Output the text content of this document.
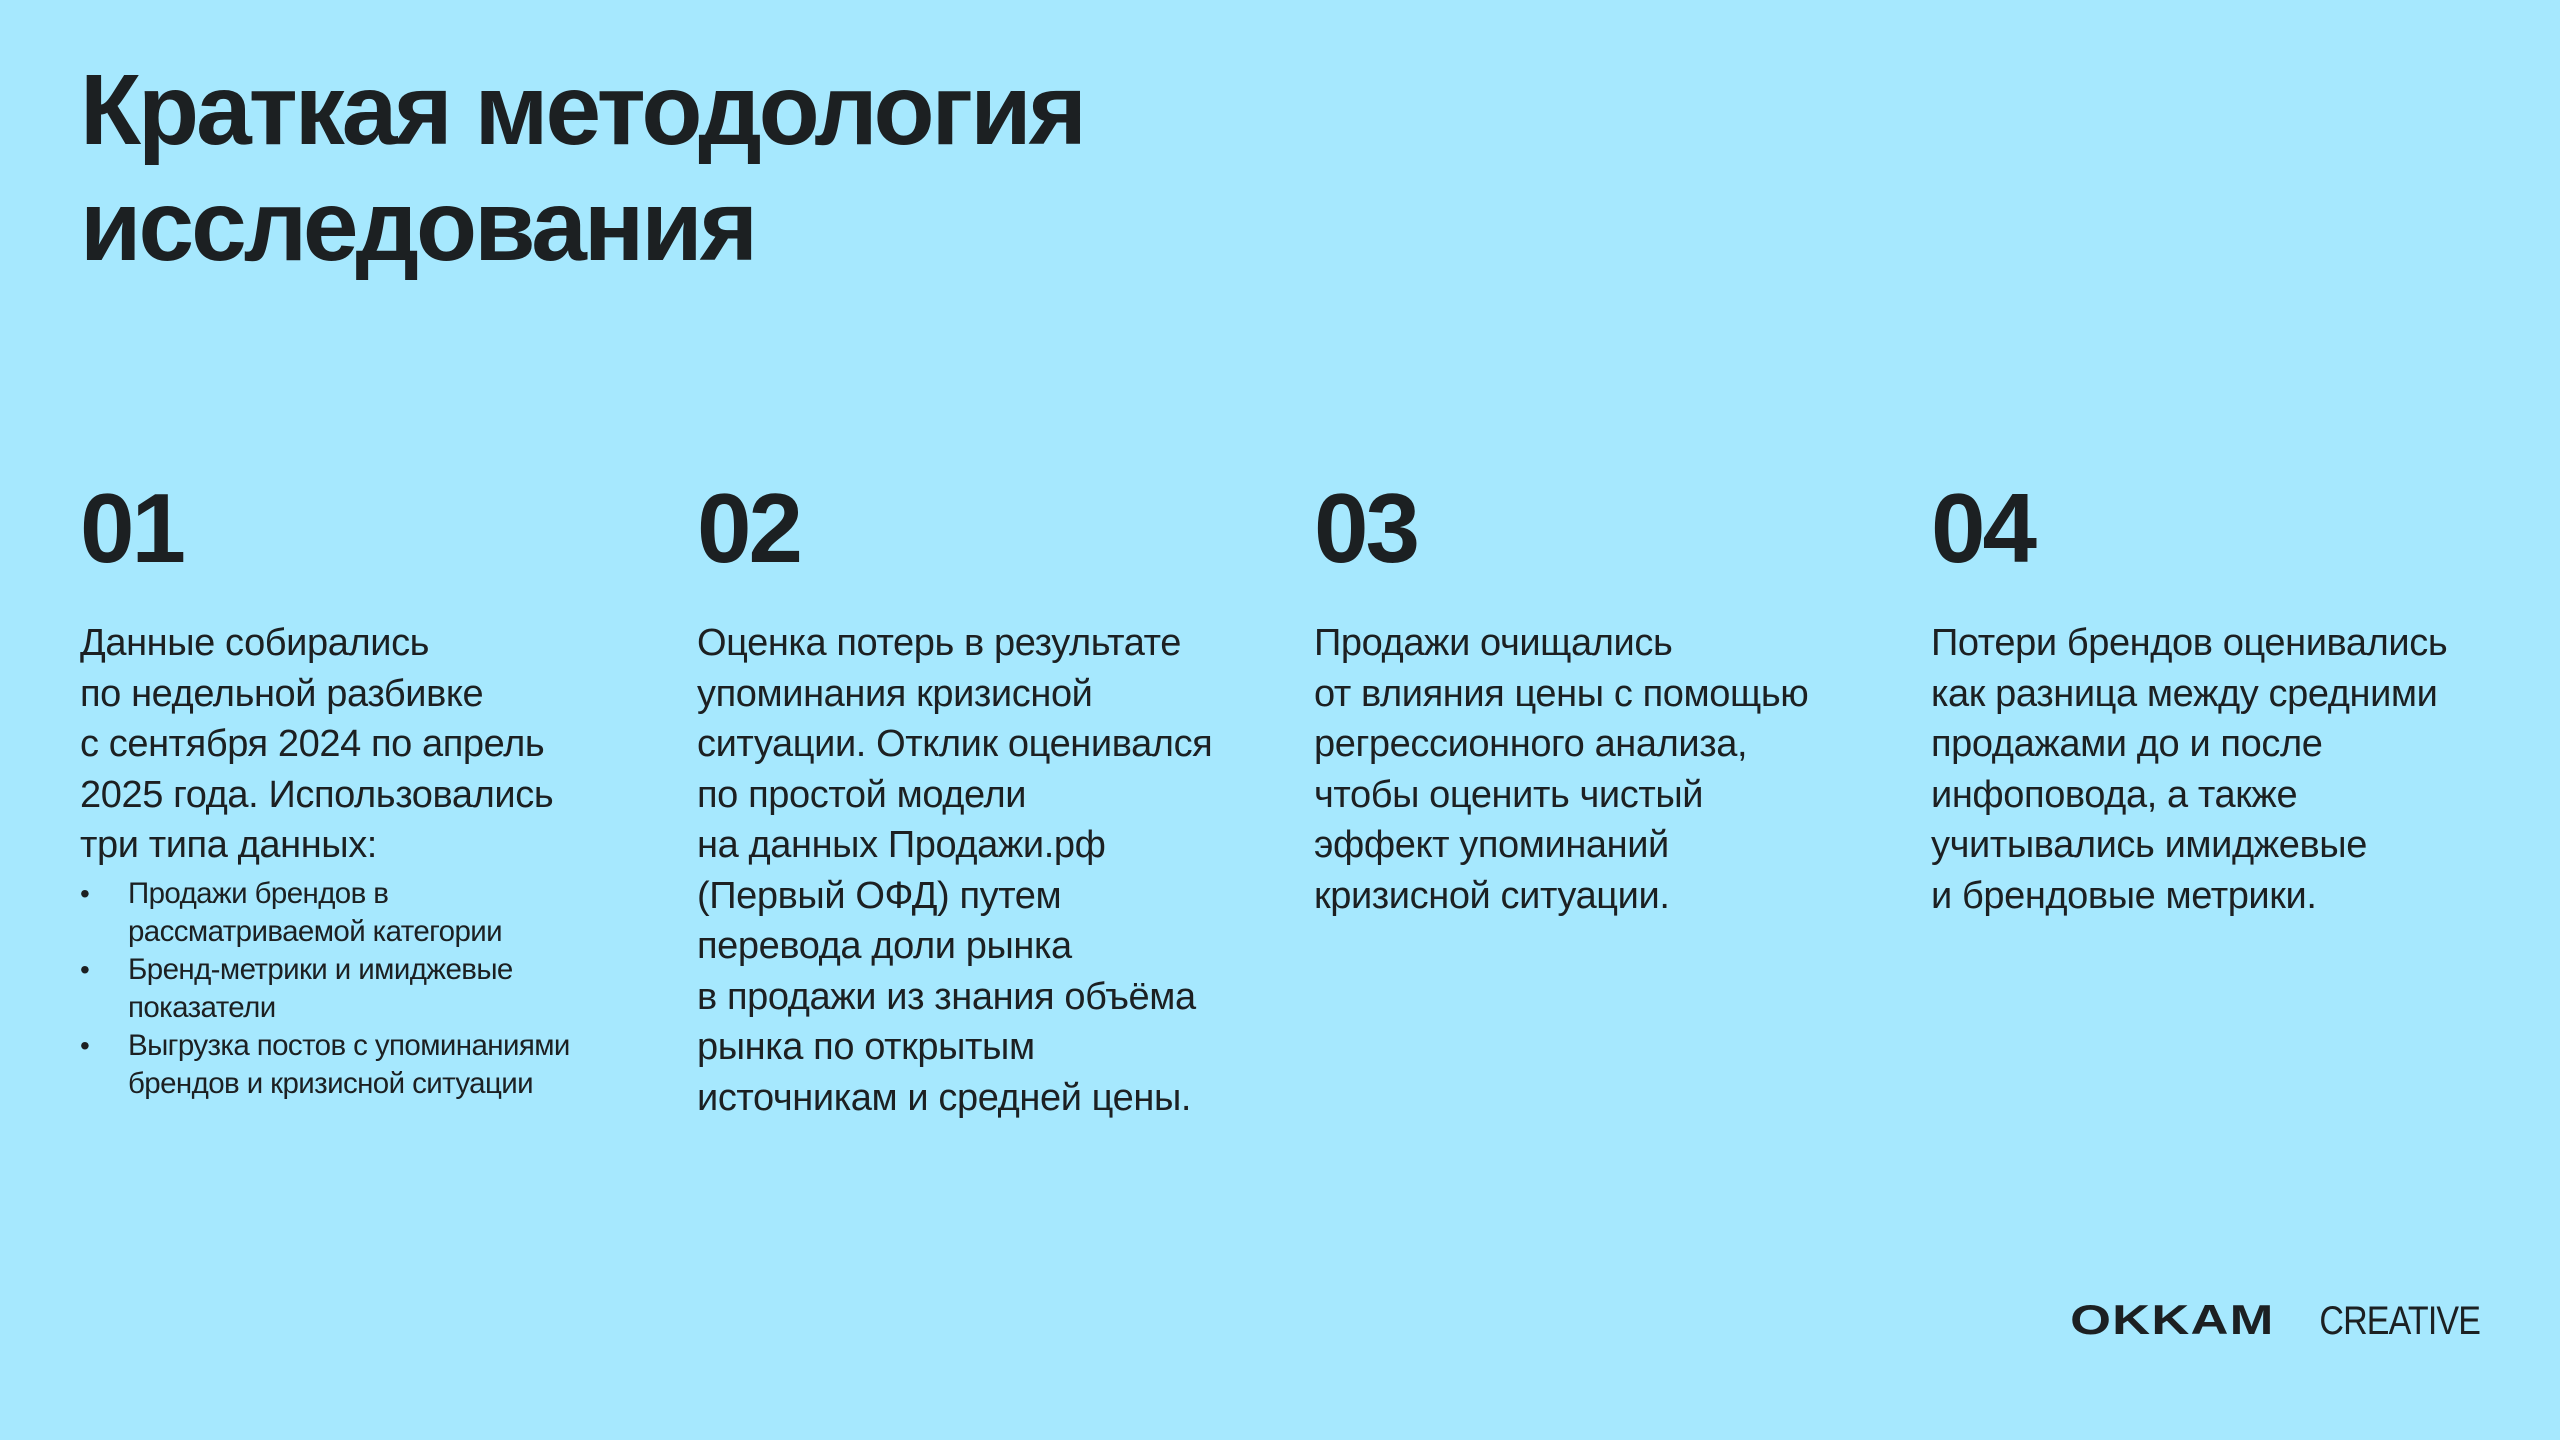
Краткая методология
исследования
01
Данные собирались
по недельной разбивке
с сентября 2024 по апрель
2025 года. Использовались
три типа данных:
• Продажи брендов в
рассматриваемой категории
• Бренд-метрики и имиджевые
показатели
• Выгрузка постов с упоминаниями
брендов и кризисной ситуации
02
Оценка потерь в результате
упоминания кризисной
ситуации. Отклик оценивался
по простой модели
на данных Продажи.рф
(Первый ОФД) путем
перевода доли рынка
в продажи из знания объёма
рынка по открытым
источникам и средней цены.
03
Продажи очищались
от влияния цены с помощью
регрессионного анализа,
чтобы оценить чистый
эффект упоминаний
кризисной ситуации.
04
Потери брендов оценивались
как разница между средними
продажами до и после
инфоповода, а также
учитывались имиджевые
и брендовые метрики.
OKKAM CREATIVE
